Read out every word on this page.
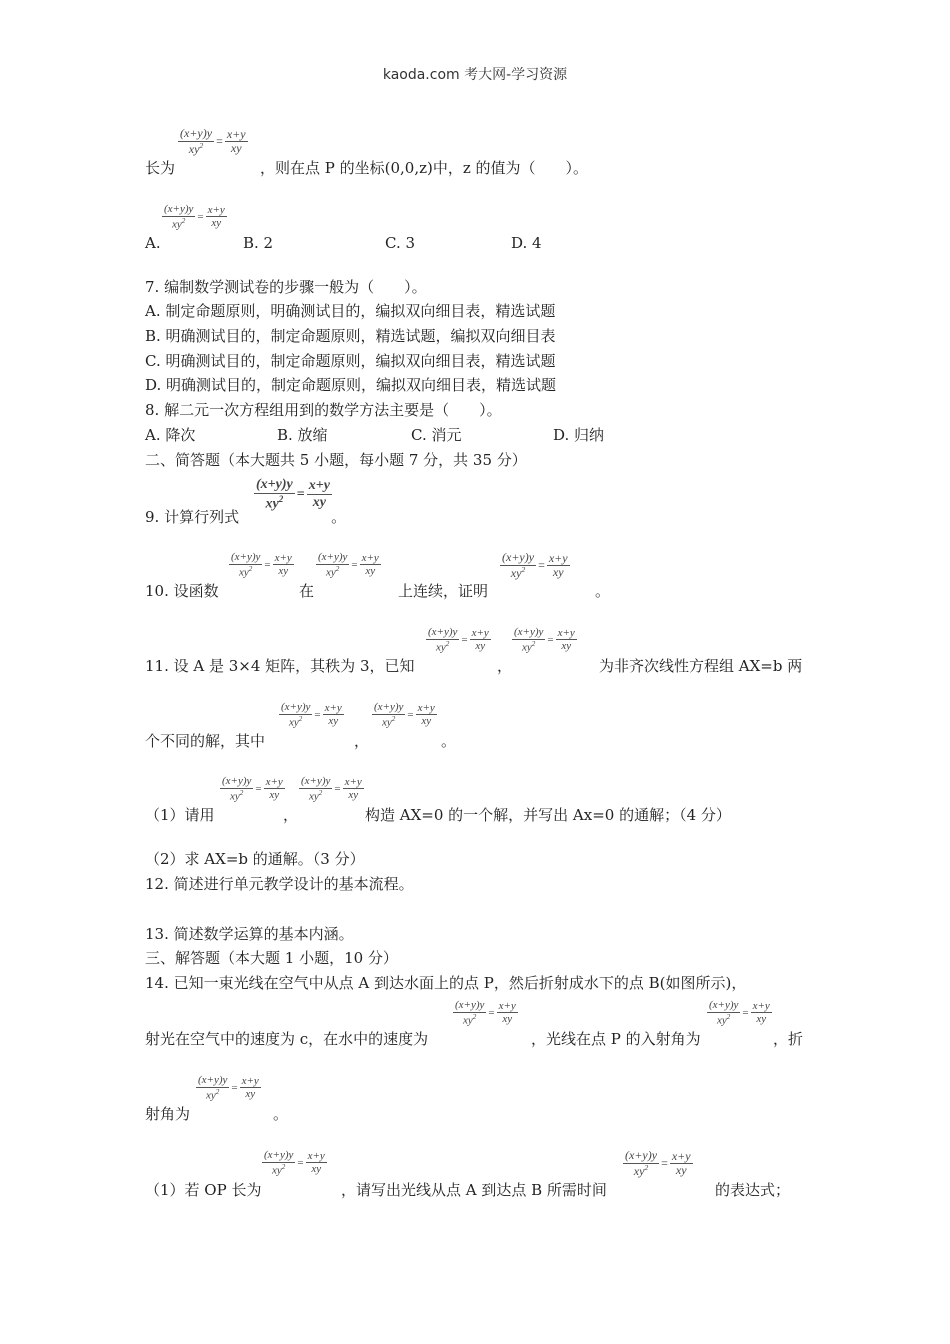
kaoda.com 考大网-学习资源
$\frac{(x+y)y}{xy^2} = \frac{x+y}{xy}$
长为	，则在点 P 的坐标(0,0,z)中，z 的值为（　　）。
$\frac{(x+y)y}{xy^2} = \frac{x+y}{xy}$
A.	B. 2	C. 3	D. 4
7. 编制数学测试卷的步骤一般为（　　）。
A. 制定命题原则，明确测试目的，编拟双向细目表，精选试题
B. 明确测试目的，制定命题原则，精选试题，编拟双向细目表
C. 明确测试目的，制定命题原则，编拟双向细目表，精选试题
D. 明确测试目的，制定命题原则，编拟双向细目表，精选试题
8. 解二元一次方程组用到的数学方法主要是（　　）。
A. 降次	B. 放缩	C. 消元	D. 归纳
二、简答题（本大题共 5 小题，每小题 7 分，共 35 分）
$\frac{(x+y)y}{xy^2} = \frac{x+y}{xy}$
9. 计算行列式	。
$\frac{(x+y)y}{xy^2} = \frac{x+y}{xy} \frac{(x+y)y}{xy^2} = \frac{x+y}{xy}$	$\frac{(x+y)y}{xy^2} = \frac{x+y}{xy}$
10. 设函数	在	上连续，证明	。
$\frac{(x+y)y}{xy^2} = \frac{x+y}{xy} \frac{(x+y)y}{xy^2} = \frac{x+y}{xy}$
11. 设 A 是 3×4 矩阵，其秩为 3，已知	，	为非齐次线性方程组 AX=b 两
$\frac{(x+y)y}{xy^2} = \frac{x+y}{xy}$	$\frac{(x+y)y}{xy^2} = \frac{x+y}{xy}$
个不同的解，其中	，	。
$\frac{(x+y)y}{xy^2} = \frac{x+y}{xy} \frac{(x+y)y}{xy^2} = \frac{x+y}{xy}$
（1）请用	，	构造 AX=0 的一个解，并写出 Ax=0 的通解；（4 分）
（2）求 AX=b 的通解。（3 分）
12. 简述进行单元教学设计的基本流程。
13. 简述数学运算的基本内涵。
三、解答题（本大题 1 小题，10 分）
14. 已知一束光线在空气中从点 A 到达水面上的点 P，然后折射成水下的点 B(如图所示)，
$\frac{(x+y)y}{xy^2} = \frac{x+y}{xy}$	$\frac{(x+y)y}{xy^2} = \frac{x+y}{xy}$
射光在空气中的速度为 c，在水中的速度为	，光线在点 P 的入射角为	，折
$\frac{(x+y)y}{xy^2} = \frac{x+y}{xy}$
射角为	。
$\frac{(x+y)y}{xy^2} = \frac{x+y}{xy}$	$\frac{(x+y)y}{xy^2} = \frac{x+y}{xy}$
（1）若 OP 长为	，请写出光线从点 A 到达点 B 所需时间	的表达式；
